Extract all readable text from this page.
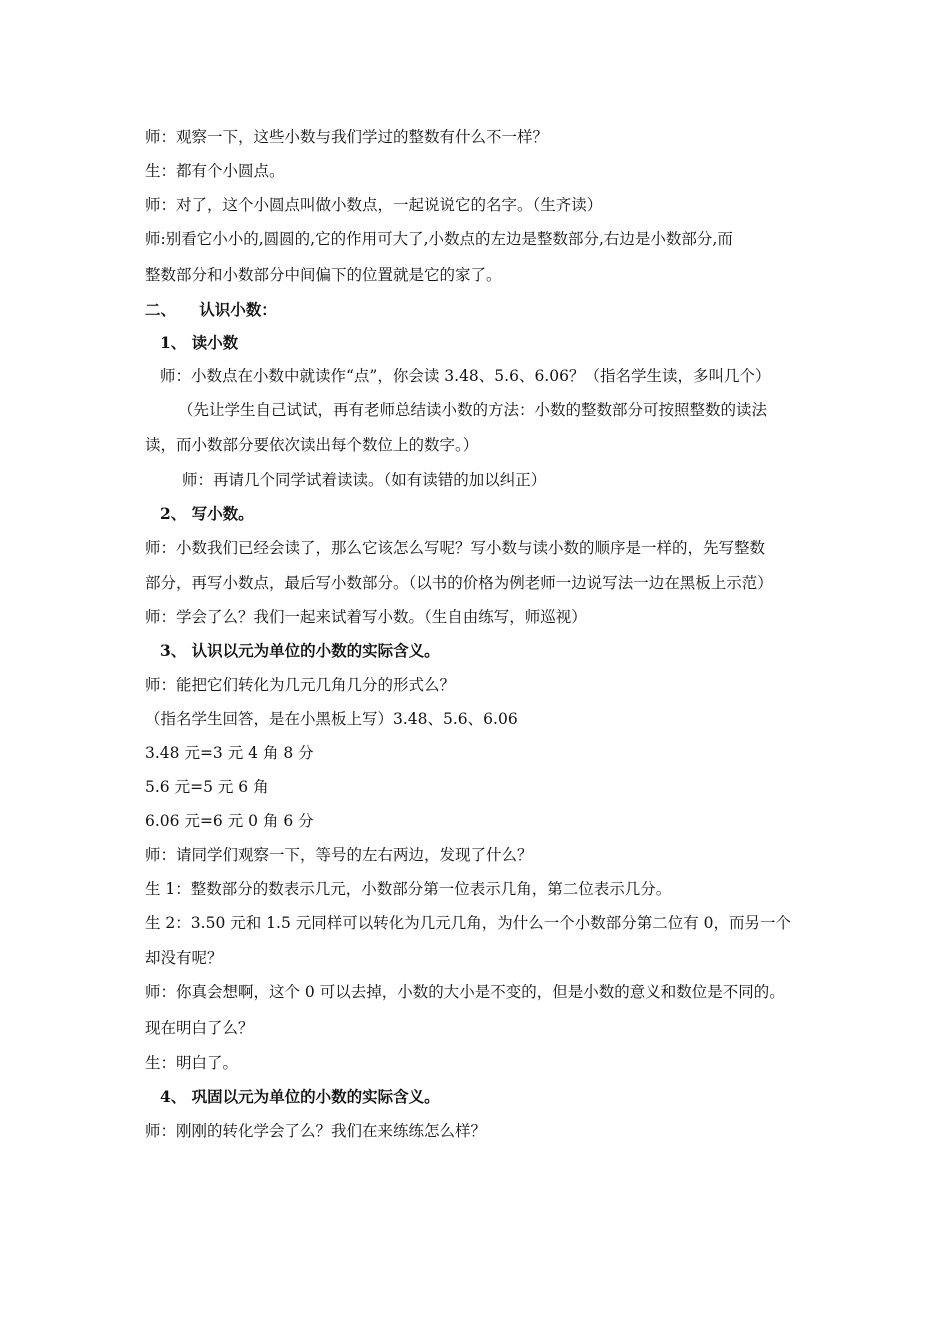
师：观察一下，这些小数与我们学过的整数有什么不一样？
生：都有个小圆点。
师：对了，这个小圆点叫做小数点，一起说说它的名字。（生齐读）
师:别看它小小的,圆圆的,它的作用可大了,小数点的左边是整数部分,右边是小数部分,而
整数部分和小数部分中间偏下的位置就是它的家了。
二、　　认识小数：
1、 读小数
师：小数点在小数中就读作“点”，你会读 3.48、5.6、6.06？（指名学生读，多叫几个）
（先让学生自己试试，再有老师总结读小数的方法：小数的整数部分可按照整数的读法
读，而小数部分要依次读出每个数位上的数字。）
师：再请几个同学试着读读。（如有读错的加以纠正）
2、 写小数。
师：小数我们已经会读了，那么它该怎么写呢？写小数与读小数的顺序是一样的，先写整数
部分，再写小数点，最后写小数部分。（以书的价格为例老师一边说写法一边在黑板上示范）
师：学会了么？我们一起来试着写小数。（生自由练写，师巡视）
3、 认识以元为单位的小数的实际含义。
师：能把它们转化为几元几角几分的形式么？
（指名学生回答，是在小黑板上写）3.48、5.6、6.06
3.48 元=3 元 4 角 8 分
5.6 元=5 元 6 角
6.06 元=6 元 0 角 6 分
师：请同学们观察一下，等号的左右两边，发现了什么？
生 1：整数部分的数表示几元，小数部分第一位表示几角，第二位表示几分。
生 2：3.50 元和 1.5 元同样可以转化为几元几角，为什么一个小数部分第二位有 0，而另一个
却没有呢？
师：你真会想啊，这个 0 可以去掉，小数的大小是不变的，但是小数的意义和数位是不同的。
现在明白了么？
生：明白了。
4、 巩固以元为单位的小数的实际含义。
师：刚刚的转化学会了么？我们在来练练怎么样？
